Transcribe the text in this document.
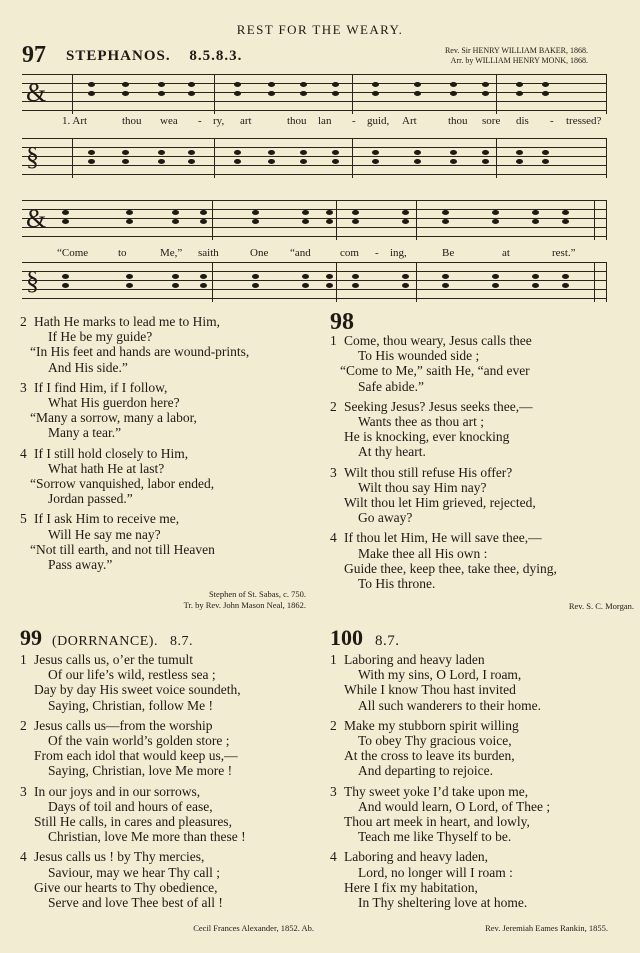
REST FOR THE WEARY.
97 STEPHANOS. 8.5.8.3.	Rev. Sir HENRY WILLIAM BAKER, 1868.
Arr. by WILLIAM HENRY MONK, 1868.
&
§
&
§
1. Art	thou wea - ry, art	thou lan - guid, Art	thou sore dis - tressed?
“Come	to	Me,” saith	One “and	com - ing,	Be	at	rest.”
2 Hath He marks to lead me to Him,
If He be my guide?
“In His feet and hands are wound-prints,
And His side.”
3 If I find Him, if I follow,
What His guerdon here?
“Many a sorrow, many a labor,
Many a tear.”
4 If I still hold closely to Him,
What hath He at last?
“Sorrow vanquished, labor ended,
Jordan passed.”
5 If I ask Him to receive me,
Will He say me nay?
“Not till earth, and not till Heaven
Pass away.”
Stephen of St. Sabas, c. 750.
Tr. by Rev. John Mason Neal, 1862.
98
1 Come, thou weary, Jesus calls thee
To His wounded side ;
“Come to Me,” saith He, “and ever
Safe abide.”
2 Seeking Jesus? Jesus seeks thee,—
Wants thee as thou art ;
He is knocking, ever knocking
At thy heart.
3 Wilt thou still refuse His offer?
Wilt thou say Him nay?
Wilt thou let Him grieved, rejected,
Go away?
4 If thou let Him, He will save thee,—
Make thee all His own :
Guide thee, keep thee, take thee, dying,
To His throne.
Rev. S. C. Morgan.
99 (DORRNANCE). 8.7.
1 Jesus calls us, o’er the tumult
Of our life’s wild, restless sea ;
Day by day His sweet voice soundeth,
Saying, Christian, follow Me !
2 Jesus calls us—from the worship
Of the vain world’s golden store ;
From each idol that would keep us,—
Saying, Christian, love Me more !
3 In our joys and in our sorrows,
Days of toil and hours of ease,
Still He calls, in cares and pleasures,
Christian, love Me more than these !
4 Jesus calls us ! by Thy mercies,
Saviour, may we hear Thy call ;
Give our hearts to Thy obedience,
Serve and love Thee best of all !
Cecil Frances Alexander, 1852. Ab.
100 8.7.
1 Laboring and heavy laden
With my sins, O Lord, I roam,
While I know Thou hast invited
All such wanderers to their home.
2 Make my stubborn spirit willing
To obey Thy gracious voice,
At the cross to leave its burden,
And departing to rejoice.
3 Thy sweet yoke I’d take upon me,
And would learn, O Lord, of Thee ;
Thou art meek in heart, and lowly,
Teach me like Thyself to be.
4 Laboring and heavy laden,
Lord, no longer will I roam :
Here I fix my habitation,
In Thy sheltering love at home.
Rev. Jeremiah Eames Rankin, 1855.
